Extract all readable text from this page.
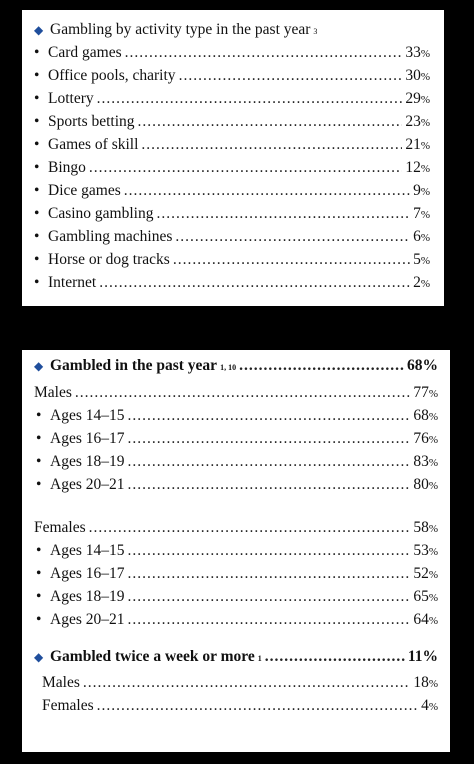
◆ Gambling by activity type in the past year 3
• Card games .....	33%
• Office pools, charity .....	30%
• Lottery .....	29%
• Sports betting .....	23%
• Games of skill .....	21%
• Bingo .....	12%
• Dice games .....	9%
• Casino gambling .....	7%
• Gambling machines .....	6%
• Horse or dog tracks .....	5%
• Internet .....	2%
◆ Gambled in the past year 1, 10 .....	68%
Males .....	77%
• Ages 14–15 .....	68%
• Ages 16–17 .....	76%
• Ages 18–19 .....	83%
• Ages 20–21 .....	80%
Females .....	58%
• Ages 14–15 .....	53%
• Ages 16–17 .....	52%
• Ages 18–19 .....	65%
• Ages 20–21 .....	64%
◆ Gambled twice a week or more 1 .....	11%
Males .....	18%
Females .....	4%
